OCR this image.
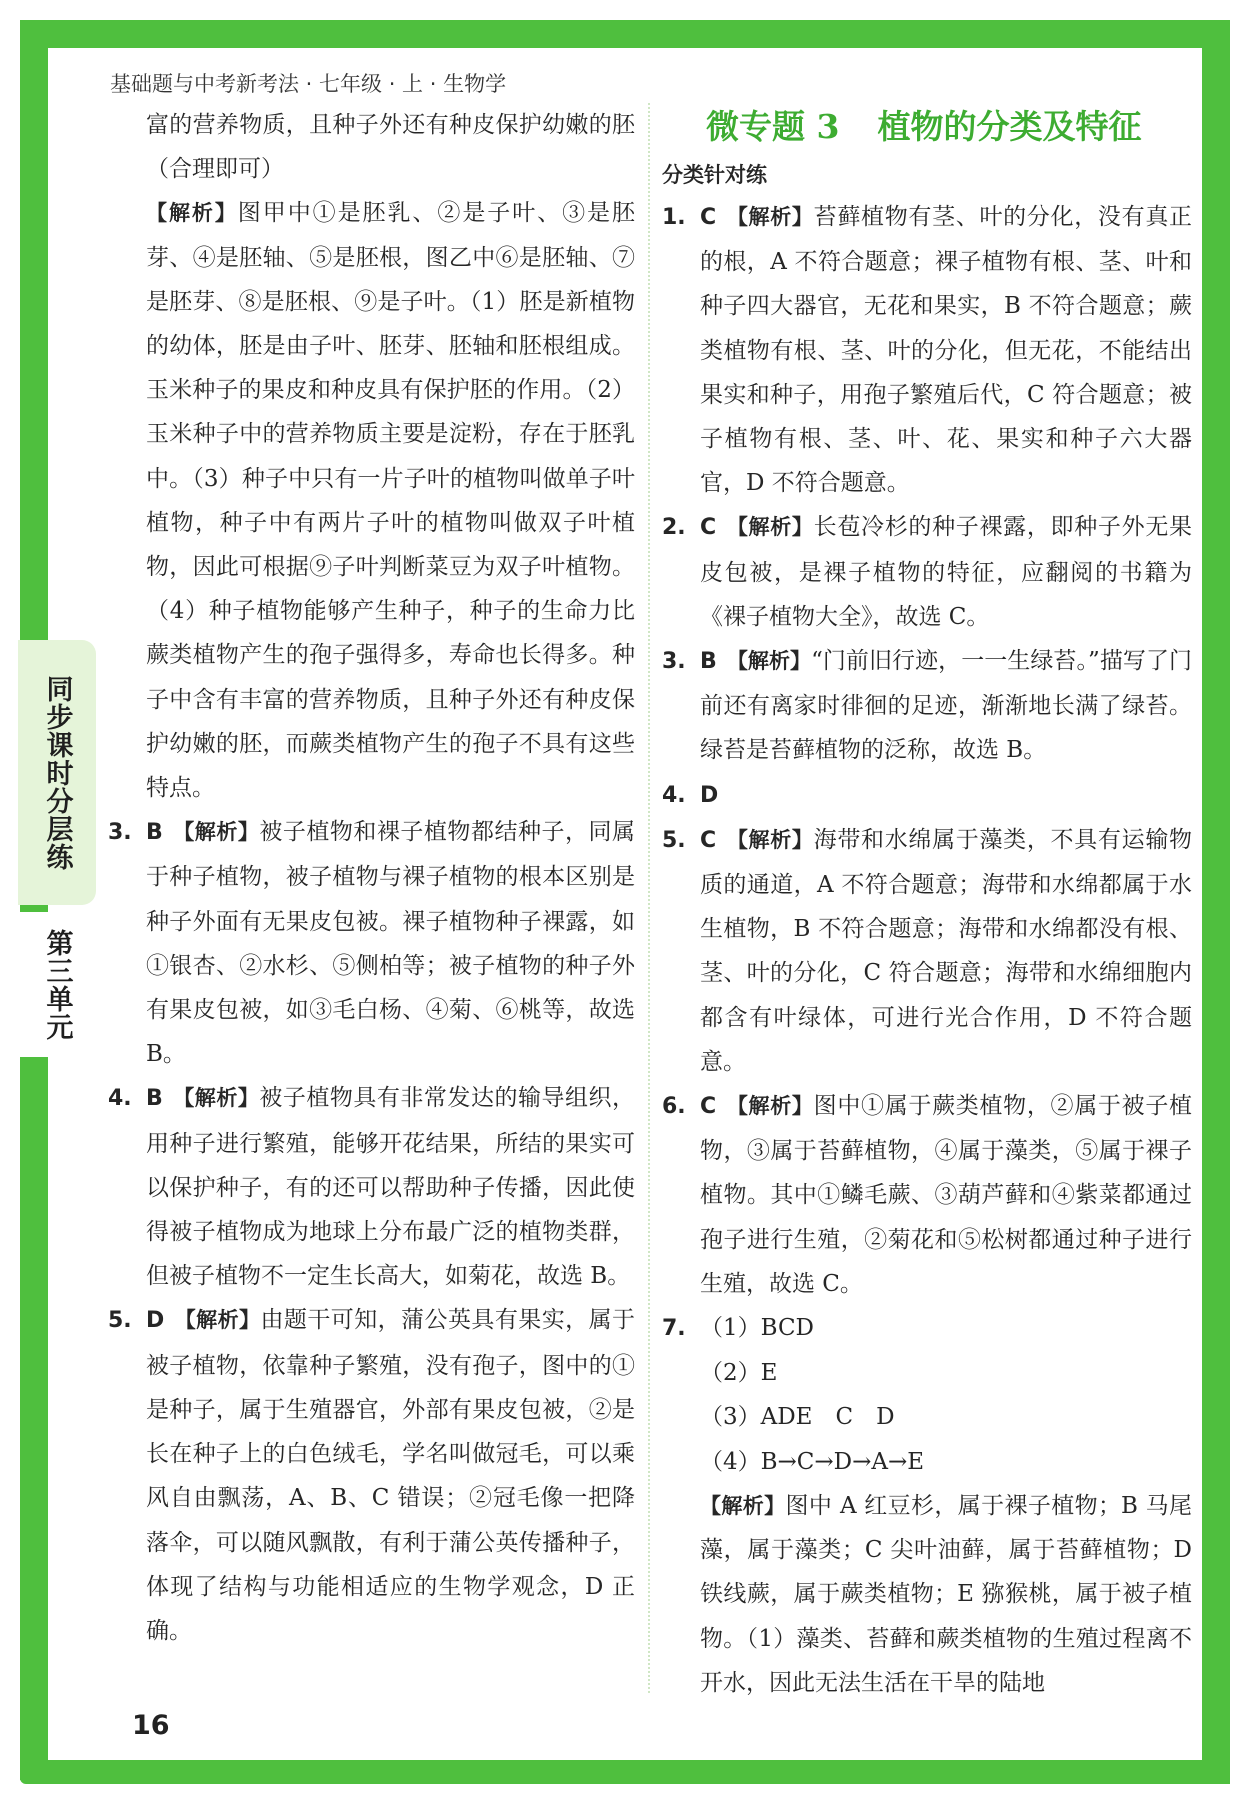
同步课时分层练
第三单元
基础题与中考新考法 · 七年级 · 上 · 生物学

富的营养物质，且种子外还有种皮保护幼嫩的胚（合理即可）

【解析】图甲中①是胚乳、②是子叶、③是胚芽、④是胚轴、⑤是胚根，图乙中⑥是胚轴、⑦是胚芽、⑧是胚根、⑨是子叶。（1）胚是新植物的幼体，胚是由子叶、胚芽、胚轴和胚根组成。玉米种子的果皮和种皮具有保护胚的作用。（2）玉米种子中的营养物质主要是淀粉，存在于胚乳中。（3）种子中只有一片子叶的植物叫做单子叶植物，种子中有两片子叶的植物叫做双子叶植物，因此可根据⑨子叶判断菜豆为双子叶植物。（4）种子植物能够产生种子，种子的生命力比蕨类植物产生的孢子强得多，寿命也长得多。种子中含有丰富的营养物质，且种子外还有种皮保护幼嫩的胚，而蕨类植物产生的孢子不具有这些特点。

3. B 【解析】被子植物和裸子植物都结种子，同属于种子植物，被子植物与裸子植物的根本区别是种子外面有无果皮包被。裸子植物种子裸露，如①银杏、②水杉、⑤侧柏等；被子植物的种子外有果皮包被，如③毛白杨、④菊、⑥桃等，故选 B。

4. B 【解析】被子植物具有非常发达的输导组织，用种子进行繁殖，能够开花结果，所结的果实可以保护种子，有的还可以帮助种子传播，因此使得被子植物成为地球上分布最广泛的植物类群，但被子植物不一定生长高大，如菊花，故选 B。

5. D 【解析】由题干可知，蒲公英具有果实，属于被子植物，依靠种子繁殖，没有孢子，图中的①是种子，属于生殖器官，外部有果皮包被，②是长在种子上的白色绒毛，学名叫做冠毛，可以乘风自由飘荡，A、B、C 错误；②冠毛像一把降落伞，可以随风飘散，有利于蒲公英传播种子，体现了结构与功能相适应的生物学观念，D 正确。

微专题 3 植物的分类及特征
分类针对练

1. C 【解析】苔藓植物有茎、叶的分化，没有真正的根，A 不符合题意；裸子植物有根、茎、叶和种子四大器官，无花和果实，B 不符合题意；蕨类植物有根、茎、叶的分化，但无花，不能结出果实和种子，用孢子繁殖后代，C 符合题意；被子植物有根、茎、叶、花、果实和种子六大器官，D 不符合题意。

2. C 【解析】长苞冷杉的种子裸露，即种子外无果皮包被，是裸子植物的特征，应翻阅的书籍为《裸子植物大全》，故选 C。

3. B 【解析】“门前旧行迹，一一生绿苔。”描写了门前还有离家时徘徊的足迹，渐渐地长满了绿苔。绿苔是苔藓植物的泛称，故选 B。

4. D

5. C 【解析】海带和水绵属于藻类，不具有运输物质的通道，A 不符合题意；海带和水绵都属于水生植物，B 不符合题意；海带和水绵都没有根、茎、叶的分化，C 符合题意；海带和水绵细胞内都含有叶绿体，可进行光合作用，D 不符合题意。

6. C 【解析】图中①属于蕨类植物，②属于被子植物，③属于苔藓植物，④属于藻类，⑤属于裸子植物。其中①鳞毛蕨、③葫芦藓和④紫菜都通过孢子进行生殖，②菊花和⑤松树都通过种子进行生殖，故选 C。

7. （1）BCD

（2）E

（3）ADE　C　D

（4）B→C→D→A→E

【解析】图中 A 红豆杉，属于裸子植物；B 马尾藻，属于藻类；C 尖叶油藓，属于苔藓植物；D 铁线蕨，属于蕨类植物；E 猕猴桃，属于被子植物。（1）藻类、苔藓和蕨类植物的生殖过程离不开水，因此无法生活在干旱的陆地

16
